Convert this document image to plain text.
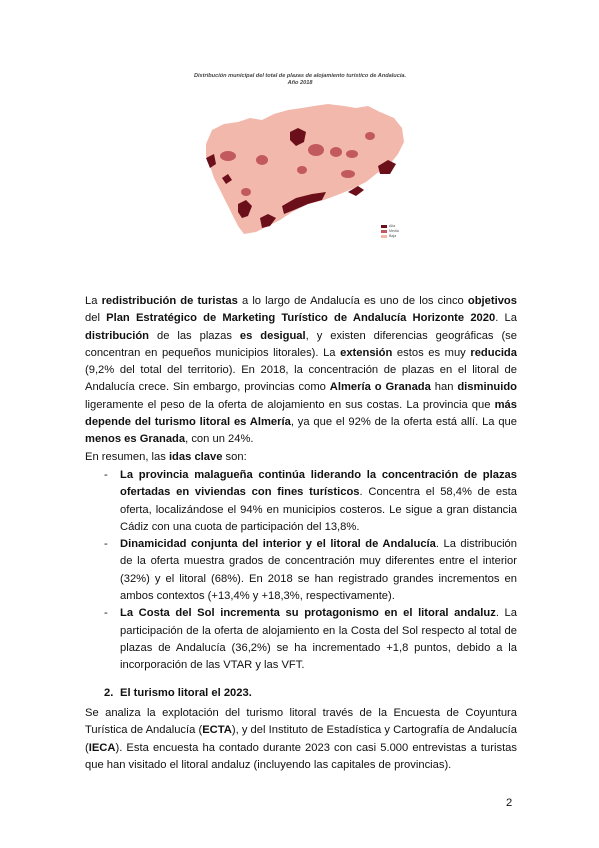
Distribución municipal del total de plazas de alojamiento turístico de Andalucía.
Año 2018
Alta
Media
Baja
La redistribución de turistas a lo largo de Andalucía es uno de los cinco objetivos del Plan Estratégico de Marketing Turístico de Andalucía Horizonte 2020. La distribución de las plazas es desigual, y existen diferencias geográficas (se concentran en pequeños municipios litorales). La extensión estos es muy reducida (9,2% del total del territorio). En 2018, la concentración de plazas en el litoral de Andalucía crece. Sin embargo, provincias como Almería o Granada han disminuido ligeramente el peso de la oferta de alojamiento en sus costas. La provincia que más depende del turismo litoral es Almería, ya que el 92% de la oferta está allí. La que menos es Granada, con un 24%.
En resumen, las idas clave son:
- La provincia malagueña continúa liderando la concentración de plazas ofertadas en viviendas con fines turísticos. Concentra el 58,4% de esta oferta, localizándose el 94% en municipios costeros. Le sigue a gran distancia Cádiz con una cuota de participación del 13,8%.
- Dinamicidad conjunta del interior y el litoral de Andalucía. La distribución de la oferta muestra grados de concentración muy diferentes entre el interior (32%) y el litoral (68%). En 2018 se han registrado grandes incrementos en ambos contextos (+13,4% y +18,3%, respectivamente).
- La Costa del Sol incrementa su protagonismo en el litoral andaluz. La participación de la oferta de alojamiento en la Costa del Sol respecto al total de plazas de Andalucía (36,2%) se ha incrementado +1,8 puntos, debido a la incorporación de las VTAR y las VFT.
2. El turismo litoral el 2023.
Se analiza la explotación del turismo litoral través de la Encuesta de Coyuntura Turística de Andalucía (ECTA), y del Instituto de Estadística y Cartografía de Andalucía (IECA). Esta encuesta ha contado durante 2023 con casi 5.000 entrevistas a turistas que han visitado el litoral andaluz (incluyendo las capitales de provincias).
2
